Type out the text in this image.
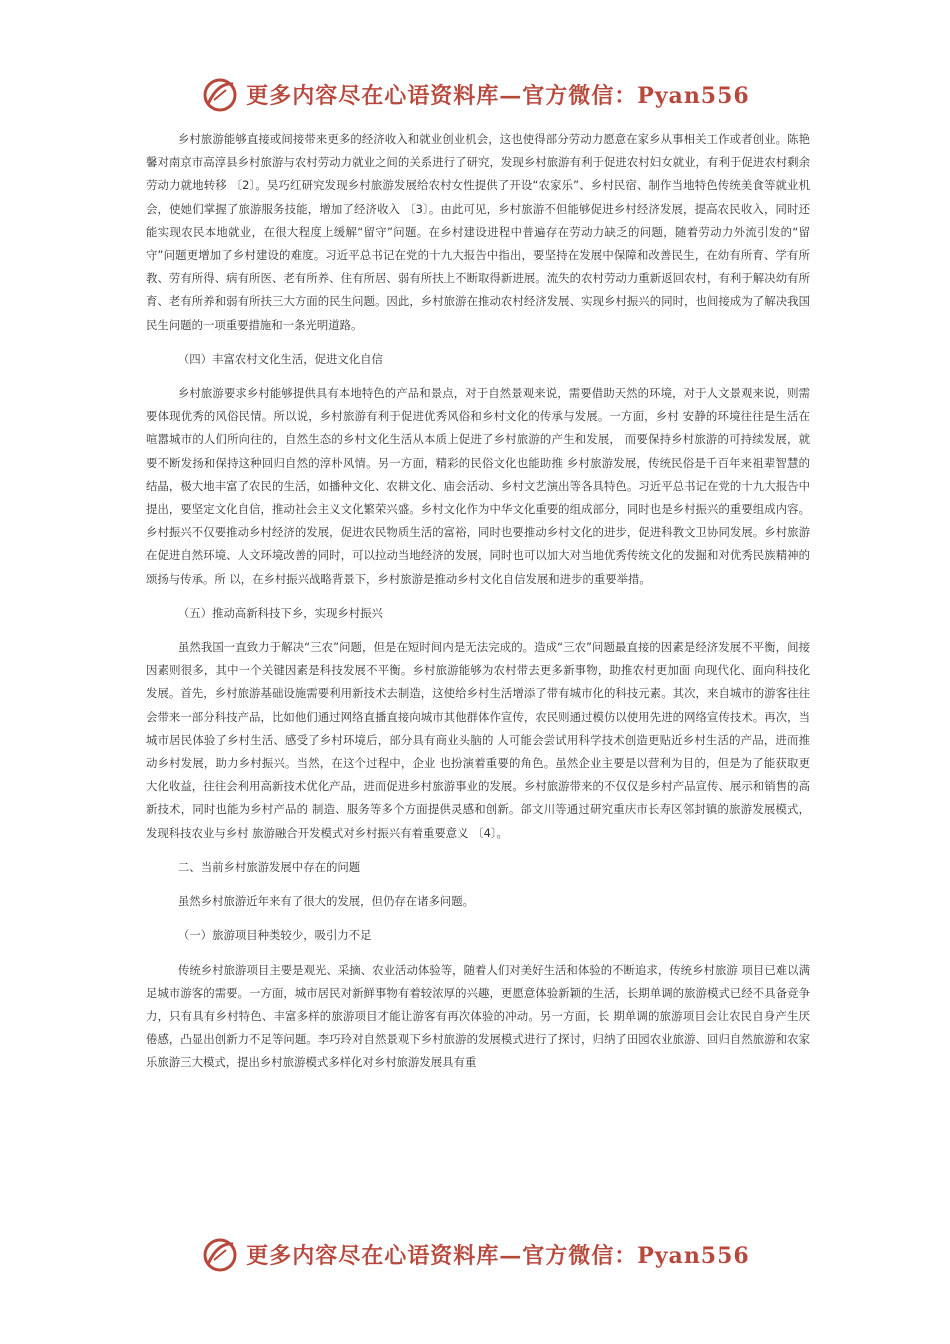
更多内容尽在心语资料库—官方微信：Pyan556

乡村旅游能够直接或间接带来更多的经济收入和就业创业机会，这也使得部分劳动力愿意在家乡从事相关工作或者创业。陈艳馨对南京市高淳县乡村旅游与农村劳动力就业之间的关系进行了研究，发现乡村旅游有利于促进农村妇女就业，有利于促进农村剩余劳动力就地转移 〔2〕。吴巧红研究发现乡村旅游发展给农村女性提供了开设“农家乐”、乡村民宿、制作当地特色传统美食等就业机会，使她们掌握了旅游服务技能，增加了经济收入 〔3〕。由此可见，乡村旅游不但能够促进乡村经济发展，提高农民收入，同时还能实现农民本地就业，在很大程度上缓解“留守”问题。在乡村建设进程中普遍存在劳动力缺乏的问题，随着劳动力外流引发的“留守”问题更增加了乡村建设的难度。习近平总书记在党的十九大报告中指出，要坚持在发展中保障和改善民生，在幼有所育、学有所教、劳有所得、病有所医、老有所养、住有所居、弱有所扶上不断取得新进展。流失的农村劳动力重新返回农村，有利于解决幼有所育、老有所养和弱有所扶三大方面的民生问题。因此，乡村旅游在推动农村经济发展、实现乡村振兴的同时，也间接成为了解决我国民生问题的一项重要措施和一条光明道路。

（四）丰富农村文化生活，促进文化自信

乡村旅游要求乡村能够提供具有本地特色的产品和景点，对于自然景观来说，需要借助天然的环境，对于人文景观来说，则需要体现优秀的风俗民情。所以说，乡村旅游有利于促进优秀风俗和乡村文化的传承与发展。一方面，乡村 安静的环境往往是生活在喧嚣城市的人们所向往的，自然生态的乡村文化生活从本质上促进了乡村旅游的产生和发展， 而要保持乡村旅游的可持续发展，就要不断发扬和保持这种回归自然的淳朴风情。另一方面，精彩的民俗文化也能助推 乡村旅游发展，传统民俗是千百年来祖辈智慧的结晶，极大地丰富了农民的生活，如播种文化、农耕文化、庙会活动、乡村文艺演出等各具特色。习近平总书记在党的十九大报告中提出，要坚定文化自信，推动社会主义文化繁荣兴盛。乡村文化作为中华文化重要的组成部分，同时也是乡村振兴的重要组成内容。乡村振兴不仅要推动乡村经济的发展，促进农民物质生活的富裕，同时也要推动乡村文化的进步，促进科教文卫协同发展。乡村旅游在促进自然环境、人文环境改善的同时，可以拉动当地经济的发展，同时也可以加大对当地优秀传统文化的发掘和对优秀民族精神的颂扬与传承。所 以，在乡村振兴战略背景下，乡村旅游是推动乡村文化自信发展和进步的重要举措。

（五）推动高新科技下乡，实现乡村振兴

虽然我国一直致力于解决“三农”问题，但是在短时间内是无法完成的。造成“三农”问题最直接的因素是经济发展不平衡，间接因素则很多，其中一个关键因素是科技发展不平衡。乡村旅游能够为农村带去更多新事物，助推农村更加面 向现代化、面向科技化发展。首先，乡村旅游基础设施需要利用新技术去制造，这使给乡村生活增添了带有城市化的科技元素。其次，来自城市的游客往往会带来一部分科技产品，比如他们通过网络直播直接向城市其他群体作宣传，农民则通过模仿以使用先进的网络宣传技术。再次，当城市居民体验了乡村生活、感受了乡村环境后，部分具有商业头脑的 人可能会尝试用科学技术创造更贴近乡村生活的产品，进而推动乡村发展，助力乡村振兴。当然，在这个过程中，企业 也扮演着重要的角色。虽然企业主要是以营利为目的，但是为了能获取更大化收益，往往会利用高新技术优化产品，进而促进乡村旅游事业的发展。乡村旅游带来的不仅仅是乡村产品宣传、展示和销售的高新技术，同时也能为乡村产品的 制造、服务等多个方面提供灵感和创新。郃文川等通过研究重庆市长寿区邻封镇的旅游发展模式，发现科技农业与乡村 旅游融合开发模式对乡村振兴有着重要意义 〔4〕。

二、当前乡村旅游发展中存在的问题

虽然乡村旅游近年来有了很大的发展，但仍存在诸多问题。

（一）旅游项目种类较少，吸引力不足

传统乡村旅游项目主要是观光、采摘、农业活动体验等，随着人们对美好生活和体验的不断追求，传统乡村旅游 项目已难以满足城市游客的需要。一方面，城市居民对新鲜事物有着较浓厚的兴趣，更愿意体验新颖的生活，长期单调的旅游模式已经不具备竞争力，只有具有乡村特色、丰富多样的旅游项目才能让游客有再次体验的冲动。另一方面，长 期单调的旅游项目会让农民自身产生厌倦感，凸显出创新力不足等问题。李巧玲对自然景观下乡村旅游的发展模式进行了探讨，归纳了田园农业旅游、回归自然旅游和农家乐旅游三大模式，提出乡村旅游模式多样化对乡村旅游发展具有重

更多内容尽在心语资料库—官方微信：Pyan556
